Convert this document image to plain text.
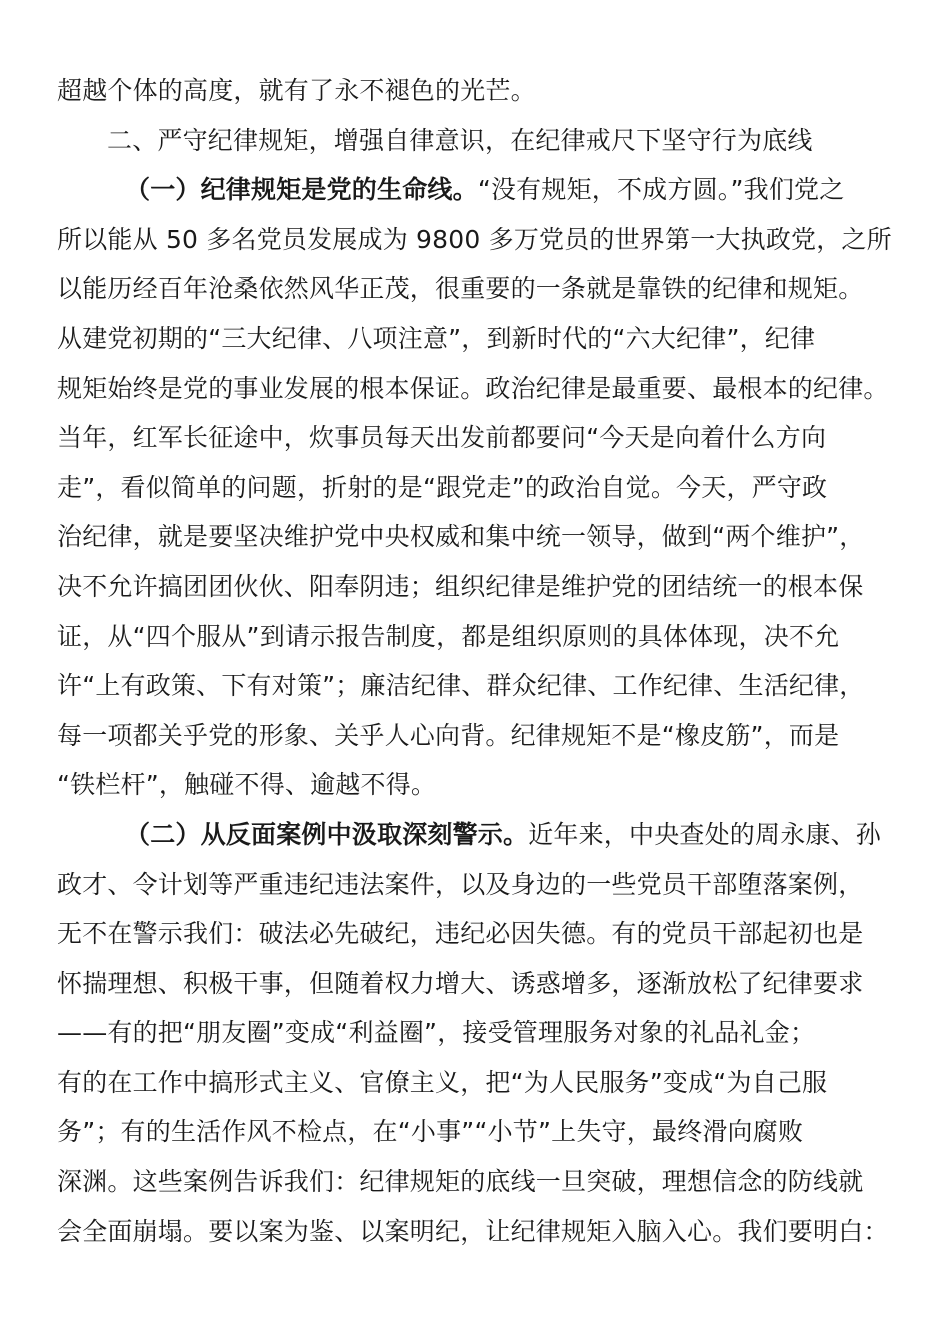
超越个体的高度，就有了永不褪色的光芒。
二、严守纪律规矩，增强自律意识，在纪律戒尺下坚守行为底线
（一）纪律规矩是党的生命线。“没有规矩，不成方圆。”我们党之
所以能从 50 多名党员发展成为 9800 多万党员的世界第一大执政党，之所
以能历经百年沧桑依然风华正茂，很重要的一条就是靠铁的纪律和规矩。
从建党初期的“三大纪律、八项注意”，到新时代的“六大纪律”，纪律
规矩始终是党的事业发展的根本保证。政治纪律是最重要、最根本的纪律。
当年，红军长征途中，炊事员每天出发前都要问“今天是向着什么方向
走”，看似简单的问题，折射的是“跟党走”的政治自觉。今天，严守政
治纪律，就是要坚决维护党中央权威和集中统一领导，做到“两个维护”，
决不允许搞团团伙伙、阳奉阴违；组织纪律是维护党的团结统一的根本保
证，从“四个服从”到请示报告制度，都是组织原则的具体体现，决不允
许“上有政策、下有对策”；廉洁纪律、群众纪律、工作纪律、生活纪律，
每一项都关乎党的形象、关乎人心向背。纪律规矩不是“橡皮筋”，而是
“铁栏杆”，触碰不得、逾越不得。
（二）从反面案例中汲取深刻警示。近年来，中央查处的周永康、孙
政才、令计划等严重违纪违法案件，以及身边的一些党员干部堕落案例，
无不在警示我们：破法必先破纪，违纪必因失德。有的党员干部起初也是
怀揣理想、积极干事，但随着权力增大、诱惑增多，逐渐放松了纪律要求
——有的把“朋友圈”变成“利益圈”，接受管理服务对象的礼品礼金；
有的在工作中搞形式主义、官僚主义，把“为人民服务”变成“为自己服
务”；有的生活作风不检点，在“小事”“小节”上失守，最终滑向腐败
深渊。这些案例告诉我们：纪律规矩的底线一旦突破，理想信念的防线就
会全面崩塌。要以案为鉴、以案明纪，让纪律规矩入脑入心。我们要明白：
